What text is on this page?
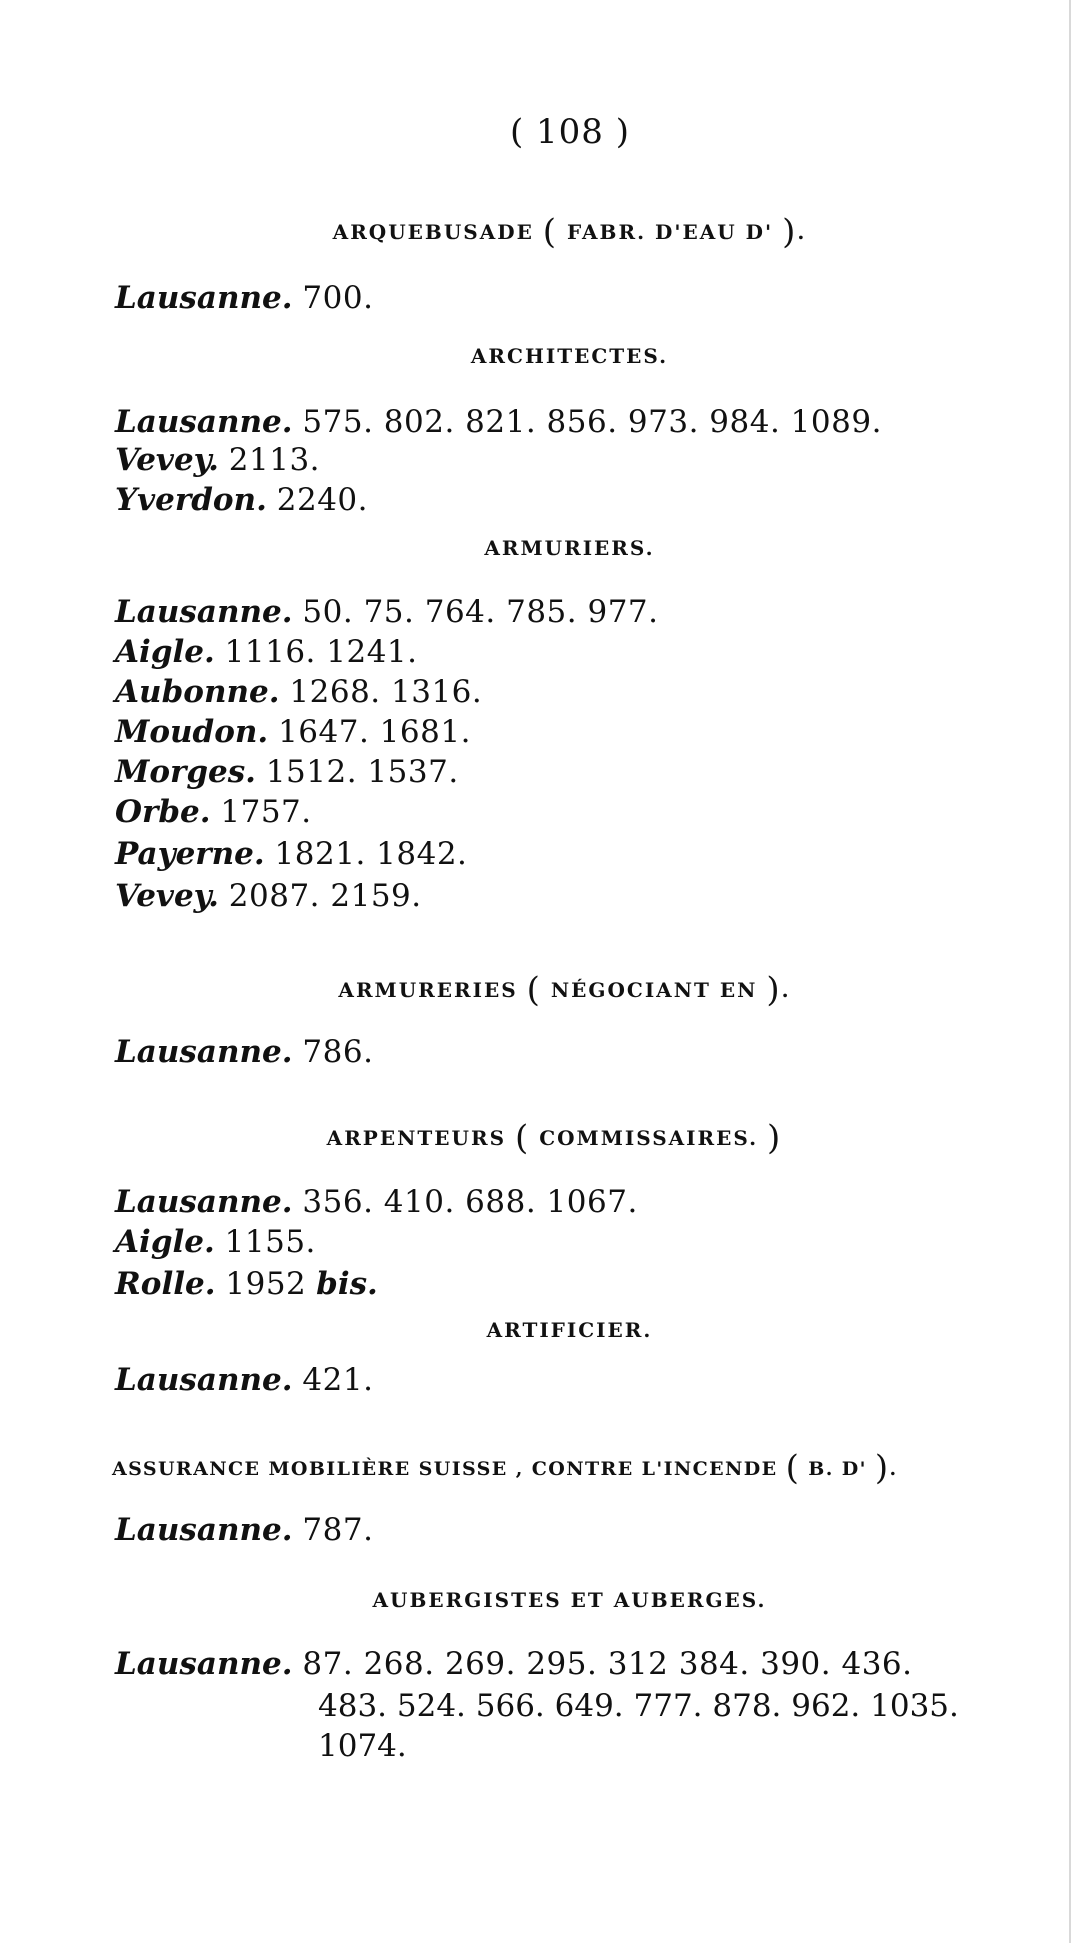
( 108 )
ARQUEBUSADE ( FABR. D'EAU D' ).
Lausanne. 700.
ARCHITECTES.
Lausanne. 575. 802. 821. 856. 973. 984. 1089.
Vevey. 2113.
Yverdon. 2240.
ARMURIERS.
Lausanne. 50. 75. 764. 785. 977.
Aigle. 1116. 1241.
Aubonne. 1268. 1316.
Moudon. 1647. 1681.
Morges. 1512. 1537.
Orbe. 1757.
Payerne. 1821. 1842.
Vevey. 2087. 2159.
ARMURERIES ( NÉGOCIANT EN ).
Lausanne. 786.
ARPENTEURS ( COMMISSAIRES. )
Lausanne. 356. 410. 688. 1067.
Aigle. 1155.
Rolle. 1952 bis.
ARTIFICIER.
Lausanne. 421.
ASSURANCE MOBILIÈRE SUISSE , CONTRE L'INCENDE ( B. D' ).
Lausanne. 787.
AUBERGISTES ET AUBERGES.
Lausanne. 87. 268. 269. 295. 312 384. 390. 436.
483. 524. 566. 649. 777. 878. 962. 1035.
1074.
